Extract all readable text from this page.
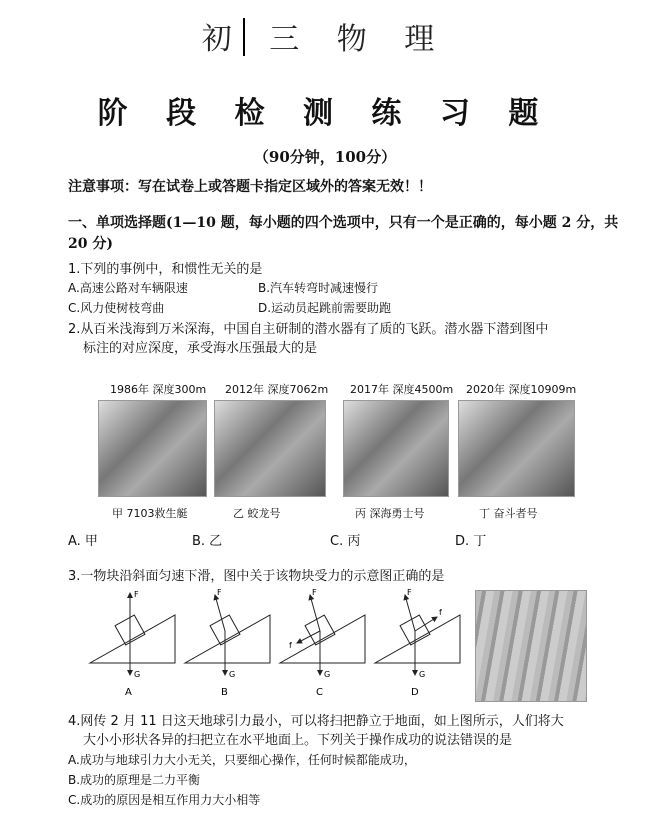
初 三 物 理
阶 段 检 测 练 习 题
（90分钟，100分）
注意事项：写在试卷上或答题卡指定区域外的答案无效！！
一、单项选择题(1—10 题，每小题的四个选项中，只有一个是正确的，每小题 2 分，共 20 分)
1.下列的事例中，和惯性无关的是
A.高速公路对车辆限速	B.汽车转弯时减速慢行
C.风力使树枝弯曲	D.运动员起跳前需要助跑
2.从百米浅海到万米深海，中国自主研制的潜水器有了质的飞跃。潜水器下潜到图中
标注的对应深度，承受海水压强最大的是
1986年 深度300m 2012年 深度7062m 2017年 深度4500m 2020年 深度10909m
甲 7103救生艇	乙 蛟龙号	丙 深海勇士号	丁 奋斗者号
A. 甲	B. 乙	C. 丙	D. 丁
3.一物块沿斜面匀速下滑，图中关于该物块受力的示意图正确的是
F
G
A
F
G
B
F
f
G
C
F
f
G
D
4.网传 2 月 11 日这天地球引力最小，可以将扫把静立于地面，如上图所示，人们将大
大小小形状各异的扫把立在水平地面上。下列关于操作成功的说法错误的是
A.成功与地球引力大小无关，只要细心操作，任何时候都能成功，
B.成功的原理是二力平衡
C.成功的原因是相互作用力大小相等
